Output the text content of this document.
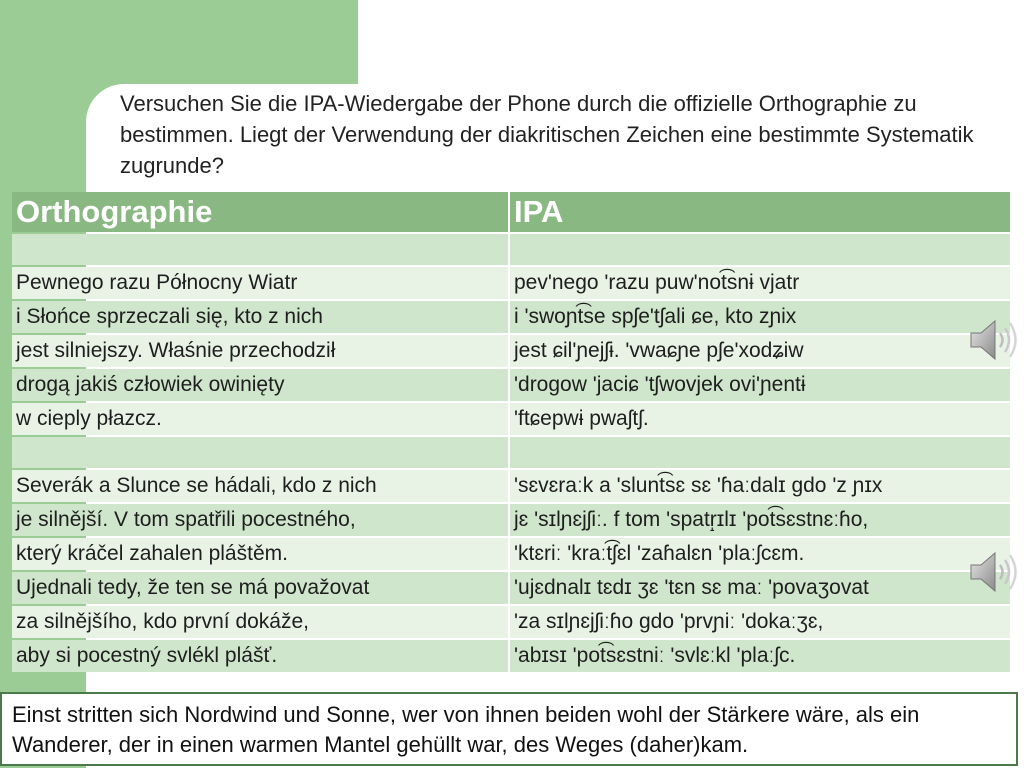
Versuchen Sie die IPA-Wiedergabe der Phone durch die offizielle Orthographie zu bestimmen. Liegt der Verwendung der diakritischen Zeichen eine bestimmte Systematik zugrunde?
Orthographie	IPA

Pewnego razu Północny Wiatr	pev'nego 'razu puw'not͡snɨ vjatr
i Słońce sprzeczali się, kto z nich	i 'swoɲt͡se spʃe'tʃali ɕe, kto zɲix
jest silniejszy. Właśnie przechodził	jest ɕil'ɲejʃɨ. 'vwaɕɲe pʃe'xodʑiw
drogą jakiś człowiek owinięty	'drogow 'jaciɕ 'tʃwovjek ovi'ɲentɨ
w cieply płazcz.	'ftɕepwɨ pwaʃtʃ.

Severák a Slunce se hádali, kdo z nich	'sɛvɛraːk a 'slunt͡sɛ sɛ 'ɦaːdalɪ gdo 'z ɲɪx
je silnější. V tom spatřili pocestného,	jɛ 'sɪlɲɛjʃiː. f tom 'spatr̝ɪlɪ 'pot͡sɛstnɛːɦo,
který kráčel zahalen pláštěm.	'ktɛriː 'kraːt͡ʃɛl 'zaɦalɛn 'plaːʃcɛm.
Ujednali tedy, že ten se má považovat	'ujɛdnalɪ tɛdɪ ʒɛ 'tɛn sɛ maː 'povaʒovat
za silnějšího, kdo první dokáže,	'za sɪlɲɛjʃiːɦo gdo 'prvɲiː 'dokaːʒɛ,
aby si pocestný svlékl plášť.	'abɪsɪ 'pot͡sɛstniː 'svlɛːkl 'plaːʃc.
Einst stritten sich Nordwind und Sonne, wer von ihnen beiden wohl der Stärkere wäre, als ein Wanderer, der in einen warmen Mantel gehüllt war, des Weges (daher)kam.
